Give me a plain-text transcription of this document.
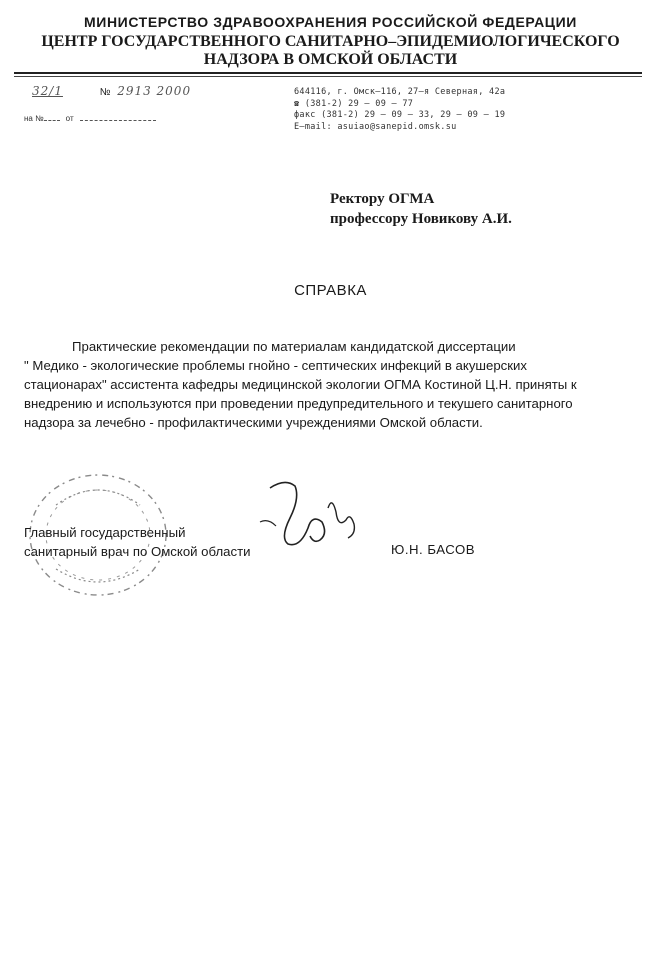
МИНИСТЕРСТВО ЗДРАВООХРАНЕНИЯ РОССИЙСКОЙ ФЕДЕРАЦИИ
ЦЕНТР ГОСУДАРСТВЕННОГО САНИТАРНО–ЭПИДЕМИОЛОГИЧЕСКОГО
НАДЗОРА В ОМСКОЙ ОБЛАСТИ
32/1	№ 2913 2000
на №	от
644116, г. Омск–116, 27–я Северная, 42а
☎ (381-2) 29 – 09 – 77
факс (381-2) 29 – 09 – 33, 29 – 09 – 19
E–mail: asuiao@sanepid.omsk.su
Ректору ОГМА
профессору Новикову А.И.
СПРАВКА
Практические рекомендации по материалам кандидатской диссертации
" Медико - экологические проблемы гнойно - септических инфекций в акушерских
стационарах" ассистента кафедры медицинской экологии ОГМА Костиной Ц.Н. приняты к
внедрению и используются при проведении предупредительного и текушего санитарного
надзора за лечебно - профилактическими учреждениями Омской области.
Главный государственный
санитарный врач по Омской области	Ю.Н. БАСОВ
